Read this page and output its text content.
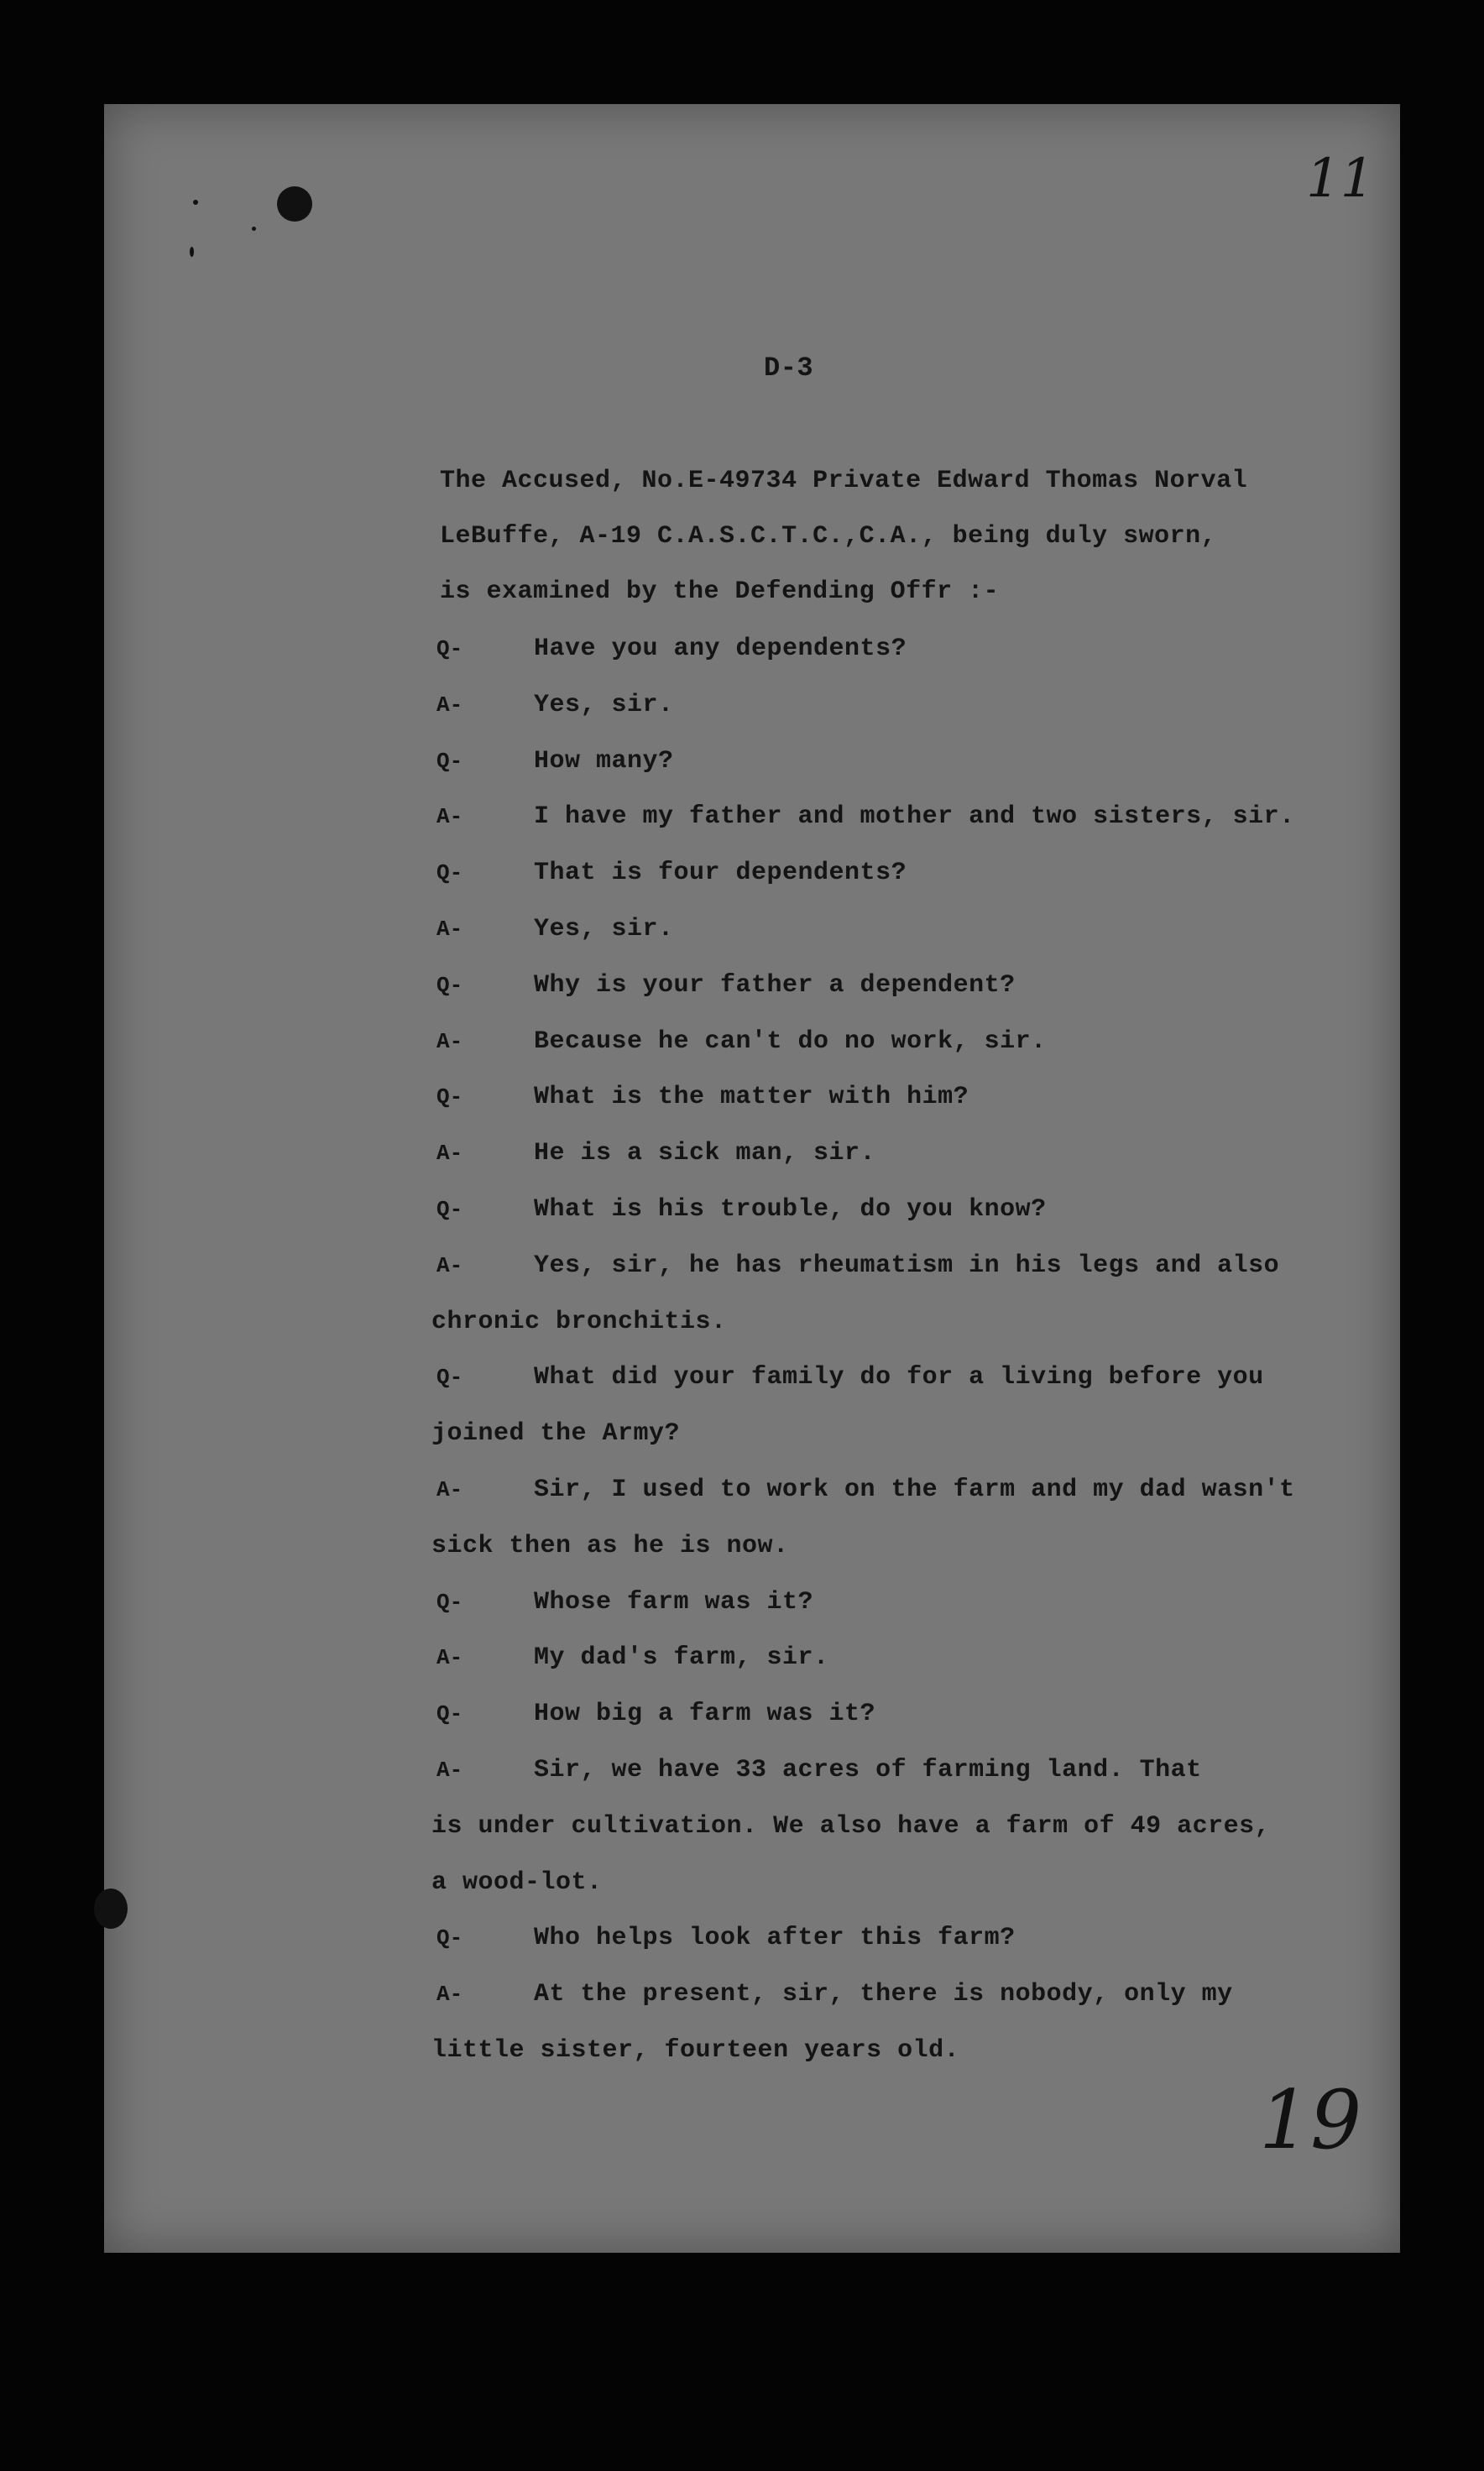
11
D-3
The Accused, No.E-49734 Private Edward Thomas Norval
LeBuffe, A-19 C.A.S.C.T.C.,C.A., being duly sworn,
is examined by the Defending Offr :-
Q-	Have you any dependents?
A-	Yes, sir.
Q-	How many?
A-	I have my father and mother and two sisters, sir.
Q-	That is four dependents?
A-	Yes, sir.
Q-	Why is your father a dependent?
A-	Because he can't do no work, sir.
Q-	What is the matter with him?
A-	He is a sick man, sir.
Q-	What is his trouble, do you know?
A-	Yes, sir, he has rheumatism in his legs and also
chronic bronchitis.
Q-	What did your family do for a living before you
joined the Army?
A-	Sir, I used to work on the farm and my dad wasn't
sick then as he is now.
Q-	Whose farm was it?
A-	My dad's farm, sir.
Q-	How big a farm was it?
A-	Sir, we have 33 acres of farming land. That
is under cultivation. We also have a farm of 49 acres,
a wood-lot.
Q-	Who helps look after this farm?
A-	At the present, sir, there is nobody, only my
little sister, fourteen years old.
19
